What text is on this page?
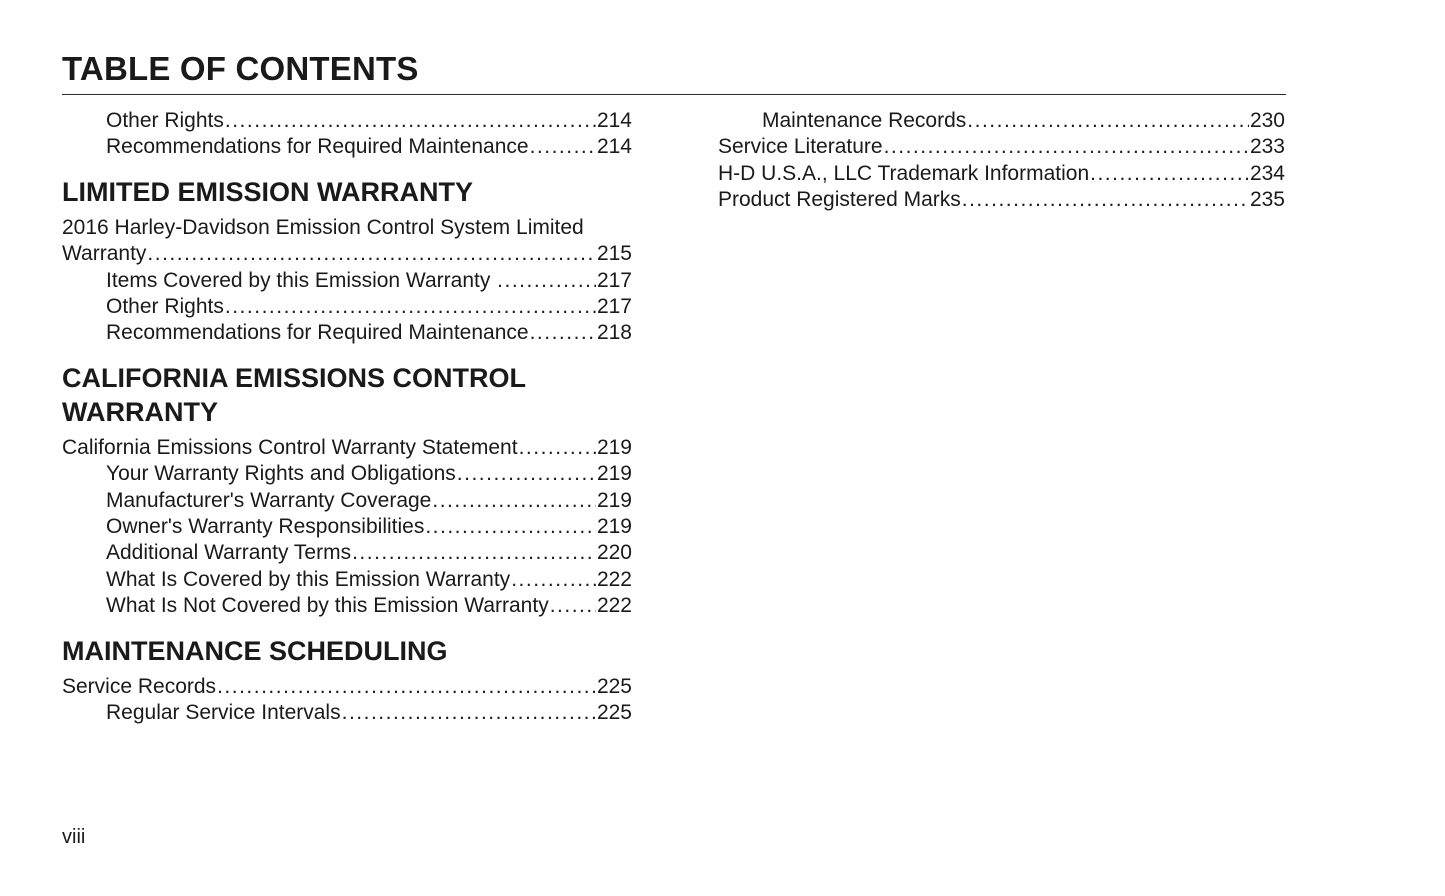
TABLE OF CONTENTS
Other Rights .....	214
Recommendations for Required Maintenance .....	214
LIMITED EMISSION WARRANTY
2016 Harley-Davidson Emission Control System Limited
Warranty .....	215
Items Covered by this Emission Warranty .....	217
Other Rights .....	217
Recommendations for Required Maintenance .....	218
CALIFORNIA EMISSIONS CONTROL
WARRANTY
California Emissions Control Warranty Statement .....	219
Your Warranty Rights and Obligations .....	219
Manufacturer's Warranty Coverage .....	219
Owner's Warranty Responsibilities .....	219
Additional Warranty Terms .....	220
What Is Covered by this Emission Warranty .....	222
What Is Not Covered by this Emission Warranty ..... 222
MAINTENANCE SCHEDULING
Service Records .....	225
Regular Service Intervals .....	225
Maintenance Records .....	230
Service Literature .....	233
H-D U.S.A., LLC Trademark Information .....	234
Product Registered Marks .....	235
viii
